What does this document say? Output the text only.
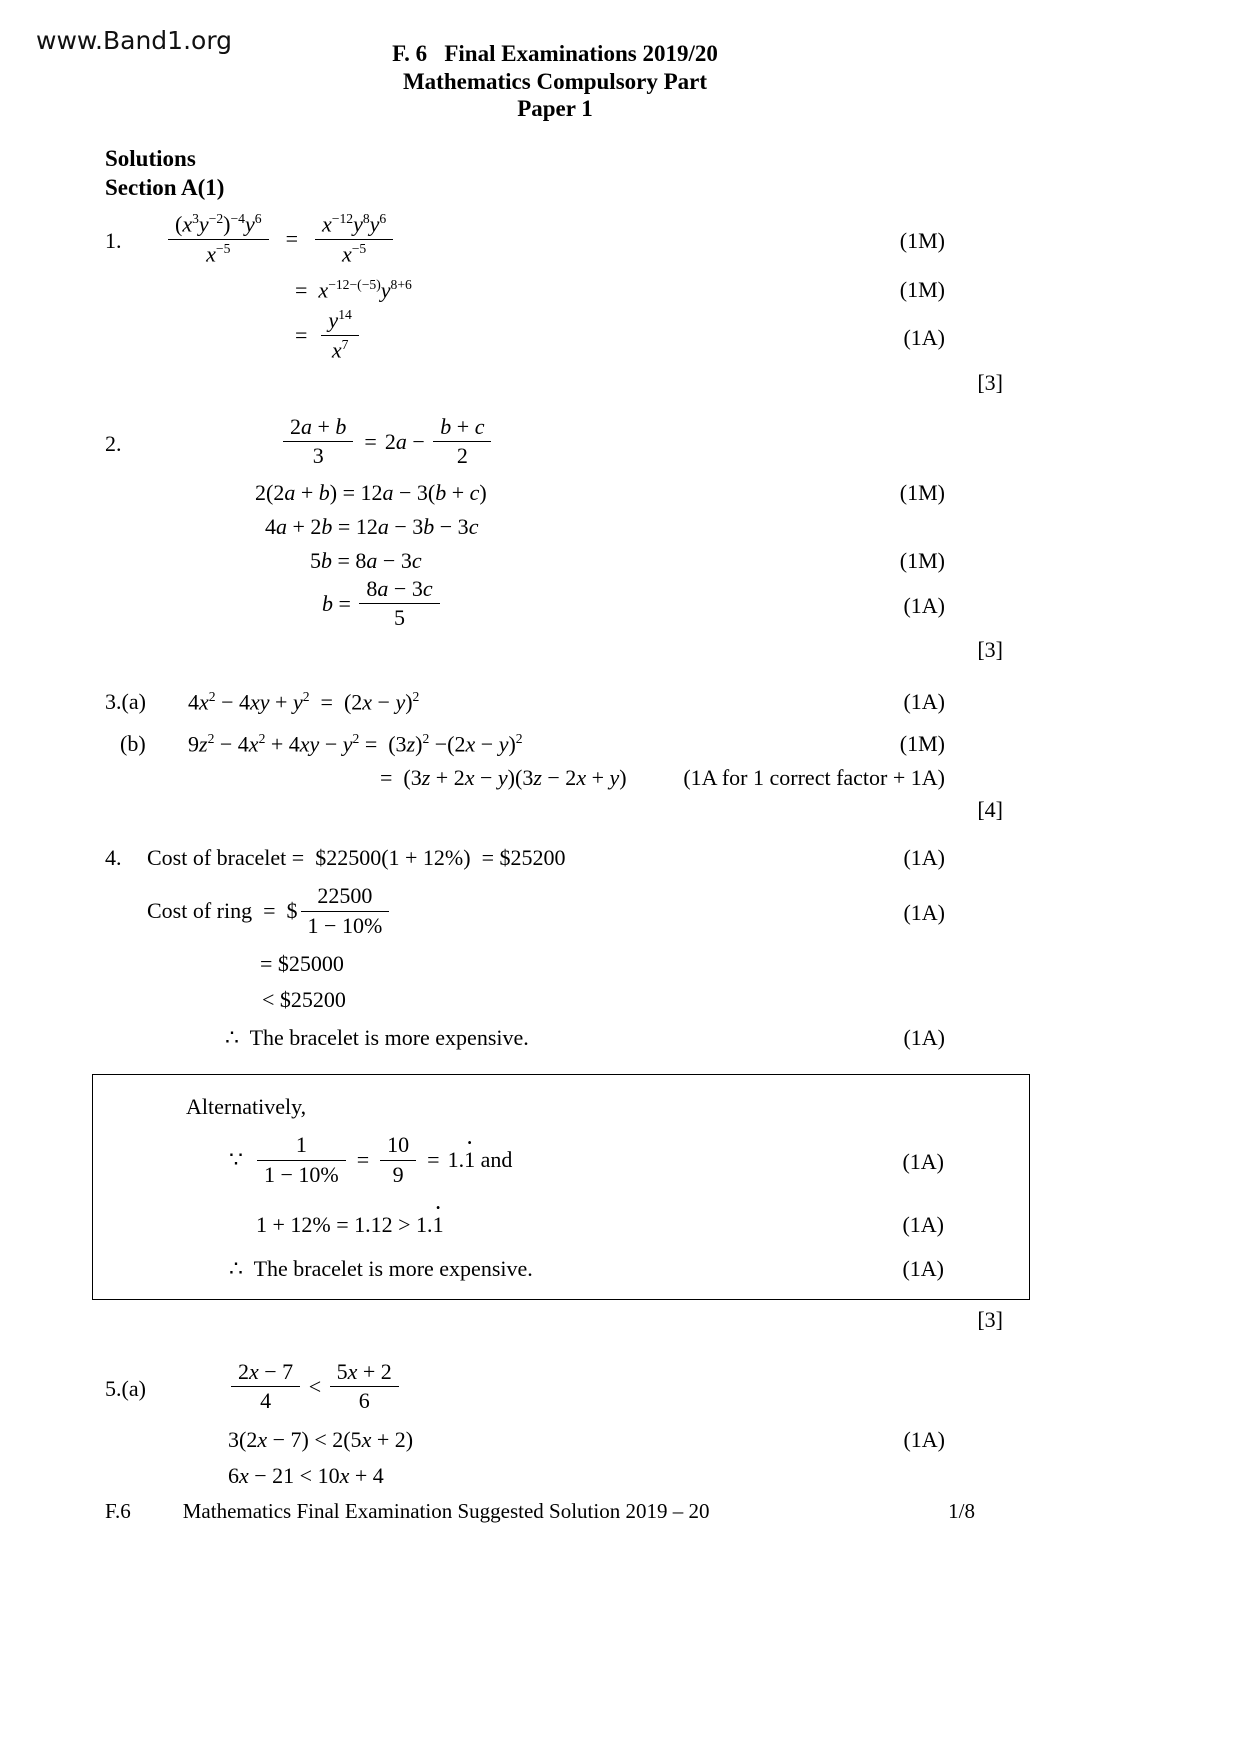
www.Band1.org	F. 6   Final Examinations 2019/20
Mathematics Compulsory Part
Paper 1
Solutions
Section A(1)
1. $\frac{(x^3y^{-2})^{-4}y^6}{x^{-5}} = \frac{x^{-12}y^8y^6}{x^{-5}}$	(1M)
=  $x^{-12-(-5)}y^{8+6}$	(1M)
= $\frac{y^{14}}{x^7}$	(1A)
[3]
2.	$\frac{2a + b}{3} = 2a - \frac{b + c}{2}$
2(2a + b) = 12a − 3(b + c)	(1M)
4a + 2b = 12a − 3b − 3c
5b = 8a − 3c	(1M)
$b = \frac{8a - 3c}{5}$	(1A)
[3]
3.(a) $4x^2 - 4xy + y^2 = (2x - y)^2$	(1A)
(b) $9z^2 - 4x^2 + 4xy - y^2 = (3z)^2 -(2x - y)^2$	(1M)
=  (3z + 2x − y)(3z − 2x + y)	(1A for 1 correct factor + 1A)
[4]
4. Cost of bracelet =  $22500(1 + 12%)  = $25200	(1A)
Cost of ring  =  $ $\frac{22500}{1 - 10\%}$	(1A)
= $25000
< $25200
∴  The bracelet is more expensive.	(1A)
Alternatively,
∵ $\frac{1}{1 - 10\%} = \frac{10}{9} = 1.1$
•
and	(1A)
1 + 12% = 1.12 > 1.1
•
(1A)
∴  The bracelet is more expensive.	(1A)
[3]
5.(a)	$\frac{2x - 7}{4} < \frac{5x + 2}{6}$
3(2x − 7) < 2(5x + 2)	(1A)
6x − 21 < 10x + 4
F.6 Mathematics Final Examination Suggested Solution 2019 – 20	1/8
